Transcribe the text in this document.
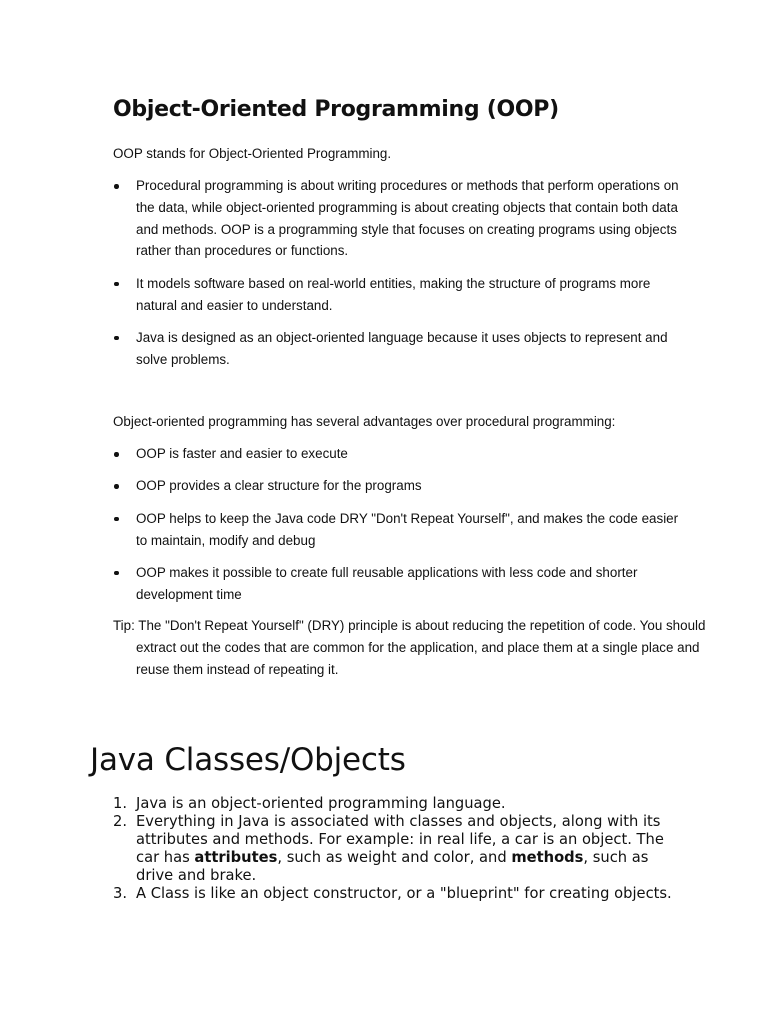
Object-Oriented Programming (OOP)

OOP stands for Object-Oriented Programming.

Procedural programming is about writing procedures or methods that perform operations on the data, while object-oriented programming is about creating objects that contain both data and methods. OOP is a programming style that focuses on creating programs using objects rather than procedures or functions.
It models software based on real-world entities, making the structure of programs more natural and easier to understand.
Java is designed as an object-oriented language because it uses objects to represent and solve problems.

Object-oriented programming has several advantages over procedural programming:

OOP is faster and easier to execute
OOP provides a clear structure for the programs
OOP helps to keep the Java code DRY "Don't Repeat Yourself", and makes the code easier to maintain, modify and debug
OOP makes it possible to create full reusable applications with less code and shorter development time

Tip: The "Don't Repeat Yourself" (DRY) principle is about reducing the repetition of code. You should extract out the codes that are common for the application, and place them at a single place and reuse them instead of repeating it.

Java Classes/Objects
1. Java is an object-oriented programming language.
2. Everything in Java is associated with classes and objects, along with its attributes and methods. For example: in real life, a car is an object. The car has attributes, such as weight and color, and methods, such as drive and brake.
3. A Class is like an object constructor, or a "blueprint" for creating objects.
